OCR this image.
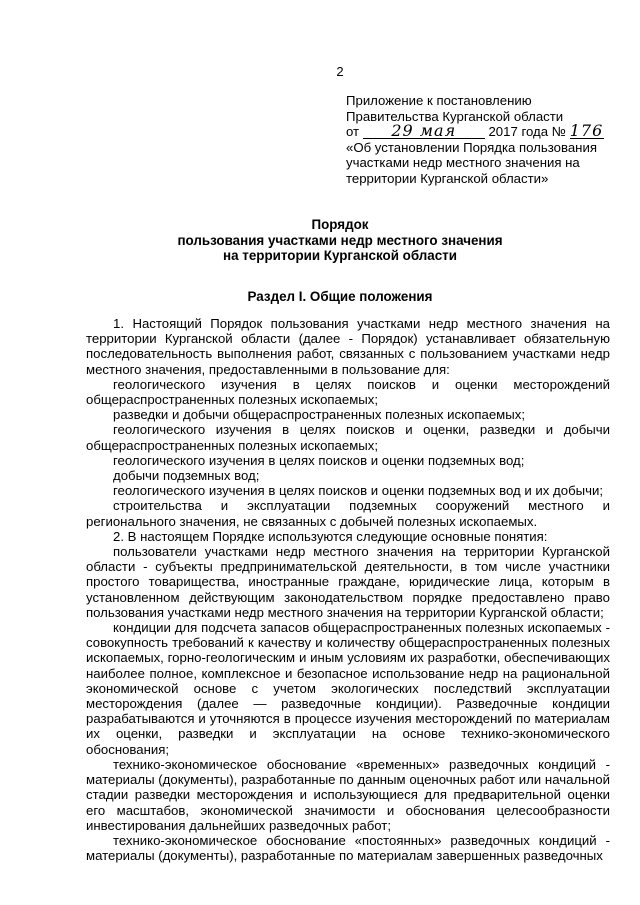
2
Приложение к постановлению
Правительства Курганской области
от 29 мая 2017 года № 176
«Об установлении Порядка пользования
участками недр местного значения на
территории Курганской области»
Порядок
пользования участками недр местного значения
на территории Курганской области
Раздел I. Общие положения

1. Настоящий Порядок пользования участками недр местного значения на территории Курганской области (далее - Порядок) устанавливает обязательную последовательность выполнения работ, связанных с пользованием участками недр местного значения, предоставленными в пользование для:

геологического изучения в целях поисков и оценки месторождений общераспространенных полезных ископаемых;

разведки и добычи общераспространенных полезных ископаемых;

геологического изучения в целях поисков и оценки, разведки и добычи общераспространенных полезных ископаемых;

геологического изучения в целях поисков и оценки подземных вод;

добычи подземных вод;

геологического изучения в целях поисков и оценки подземных вод и их добычи;

строительства и эксплуатации подземных сооружений местного и регионального значения, не связанных с добычей полезных ископаемых.

2. В настоящем Порядке используются следующие основные понятия:

пользователи участками недр местного значения на территории Курганской области - субъекты предпринимательской деятельности, в том числе участники простого товарищества, иностранные граждане, юридические лица, которым в установленном действующим законодательством порядке предоставлено право пользования участками недр местного значения на территории Курганской области;

кондиции для подсчета запасов общераспространенных полезных ископаемых - совокупность требований к качеству и количеству общераспространенных полезных ископаемых, горно-геологическим и иным условиям их разработки, обеспечивающих наиболее полное, комплексное и безопасное использование недр на рациональной экономической основе с учетом экологических последствий эксплуатации месторождения (далее — разведочные кондиции). Разведочные кондиции разрабатываются и уточняются в процессе изучения месторождений по материалам их оценки, разведки и эксплуатации на основе технико-экономического обоснования;

технико-экономическое обоснование «временных» разведочных кондиций - материалы (документы), разработанные по данным оценочных работ или начальной стадии разведки месторождения и использующиеся для предварительной оценки его масштабов, экономической значимости и обоснования целесообразности инвестирования дальнейших разведочных работ;

технико-экономическое обоснование «постоянных» разведочных кондиций - материалы (документы), разработанные по материалам завершенных разведочных
